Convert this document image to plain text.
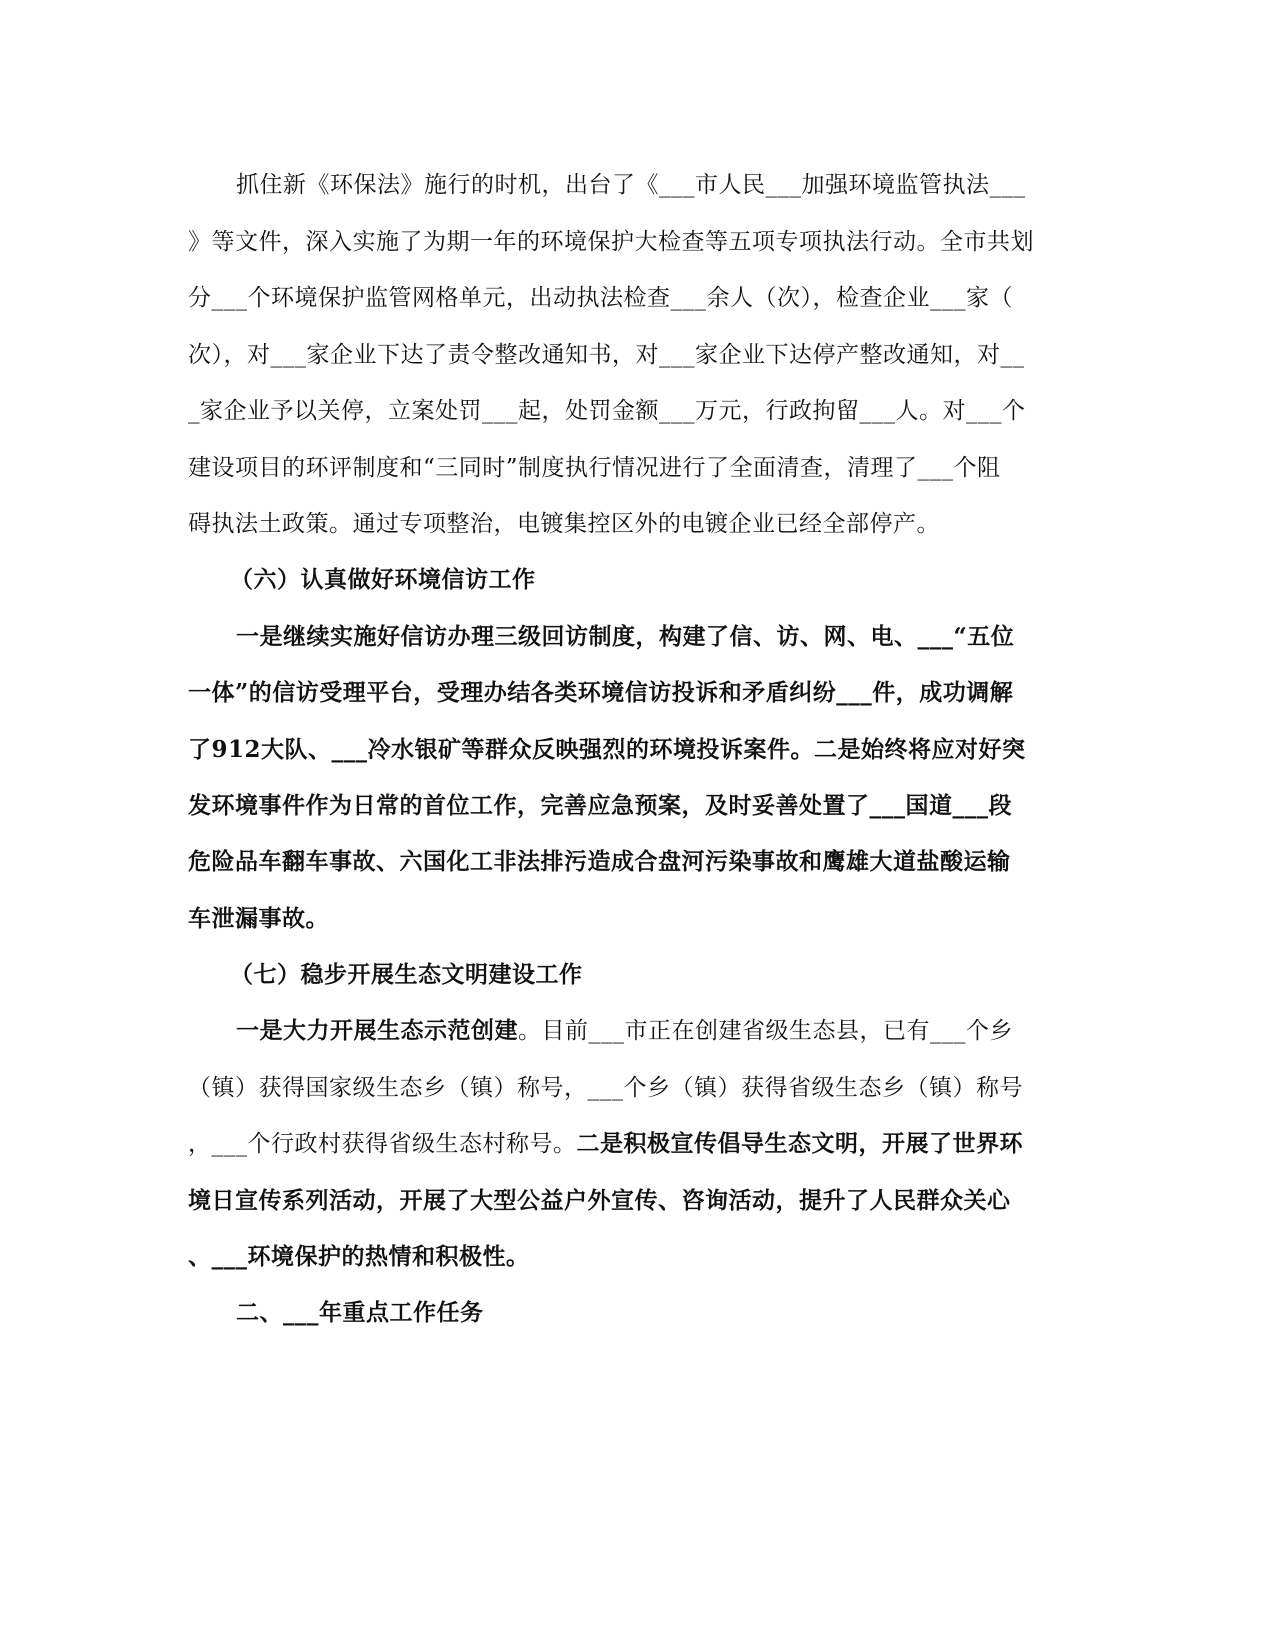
抓住新《环保法》施行的时机，出台了《___市人民___加强环境监管执法___
》等文件，深入实施了为期一年的环境保护大检查等五项专项执法行动。全市共划
分___个环境保护监管网格单元，出动执法检查___余人（次），检查企业___家（
次），对___家企业下达了责令整改通知书，对___家企业下达停产整改通知，对__
_家企业予以关停，立案处罚___起，处罚金额___万元，行政拘留___人。对___个
建设项目的环评制度和“三同时”制度执行情况进行了全面清查，清理了___个阻
碍执法土政策。通过专项整治，电镀集控区外的电镀企业已经全部停产。
（六）认真做好环境信访工作
一是继续实施好信访办理三级回访制度，构建了信、访、网、电、___“五位
一体”的信访受理平台，受理办结各类环境信访投诉和矛盾纠纷___件，成功调解
了912大队、___冷水银矿等群众反映强烈的环境投诉案件。二是始终将应对好突
发环境事件作为日常的首位工作，完善应急预案，及时妥善处置了___国道___段
危险品车翻车事故、六国化工非法排污造成合盘河污染事故和鹰雄大道盐酸运输
车泄漏事故。
（七）稳步开展生态文明建设工作
一是大力开展生态示范创建。目前___市正在创建省级生态县，已有___个乡
（镇）获得国家级生态乡（镇）称号，___个乡（镇）获得省级生态乡（镇）称号
，___个行政村获得省级生态村称号。二是积极宣传倡导生态文明，开展了世界环
境日宣传系列活动，开展了大型公益户外宣传、咨询活动，提升了人民群众关心
、___环境保护的热情和积极性。
二、___年重点工作任务
